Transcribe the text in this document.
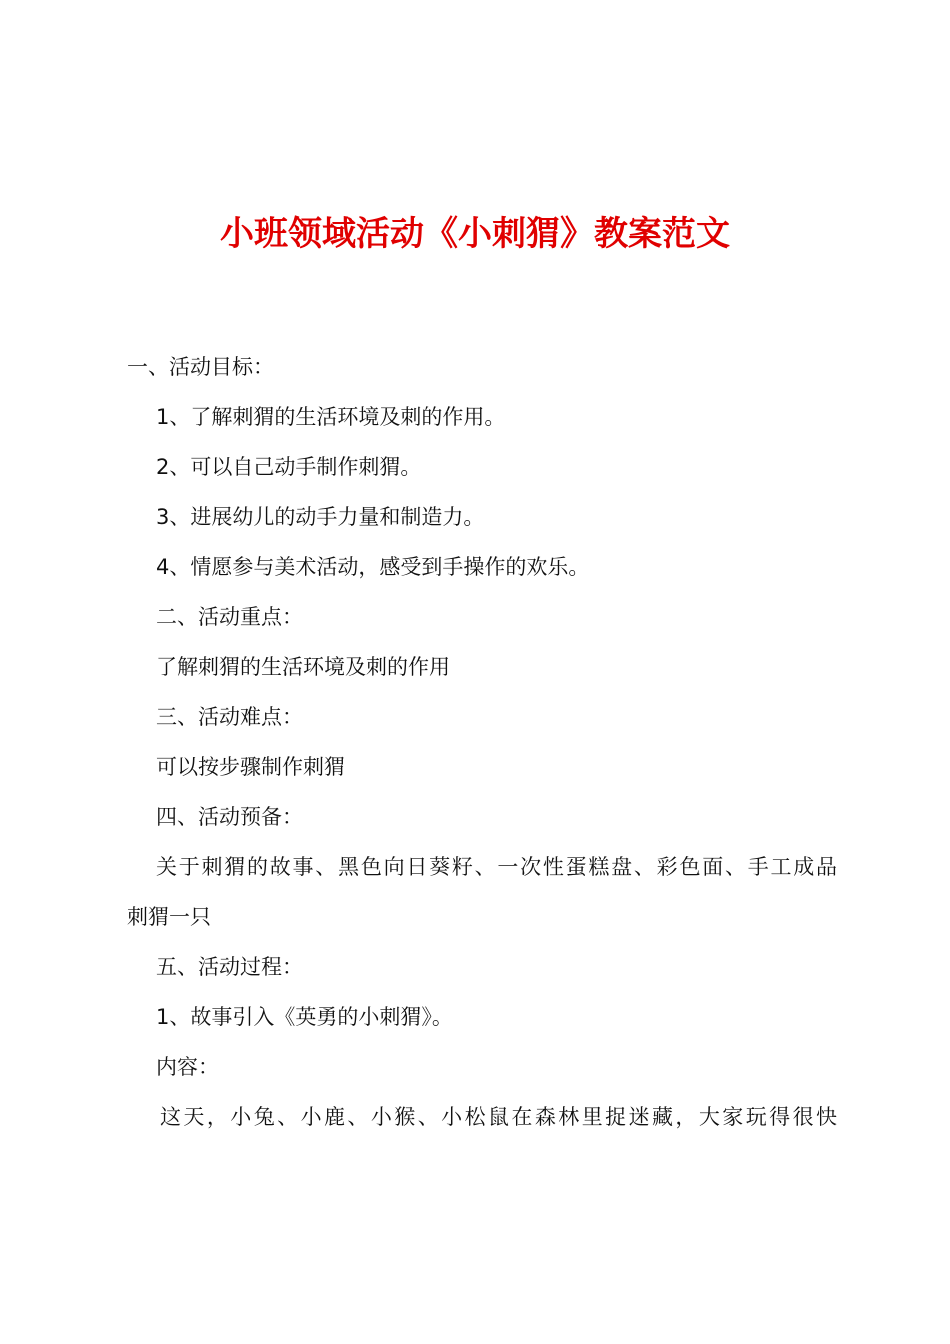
小班领域活动《小刺猬》教案范文

一、活动目标：

1、了解刺猬的生活环境及刺的作用。

2、可以自己动手制作刺猬。

3、进展幼儿的动手力量和制造力。

4、情愿参与美术活动，感受到手操作的欢乐。

二、活动重点：

了解刺猬的生活环境及刺的作用

三、活动难点：

可以按步骤制作刺猬

四、活动预备：

关于刺猬的故事、黑色向日葵籽、一次性蛋糕盘、彩色面、手工成品

刺猬一只

五、活动过程：

1、故事引入《英勇的小刺猬》。

内容：

这天，小兔、小鹿、小猴、小松鼠在森林里捉迷藏，大家玩得很快
